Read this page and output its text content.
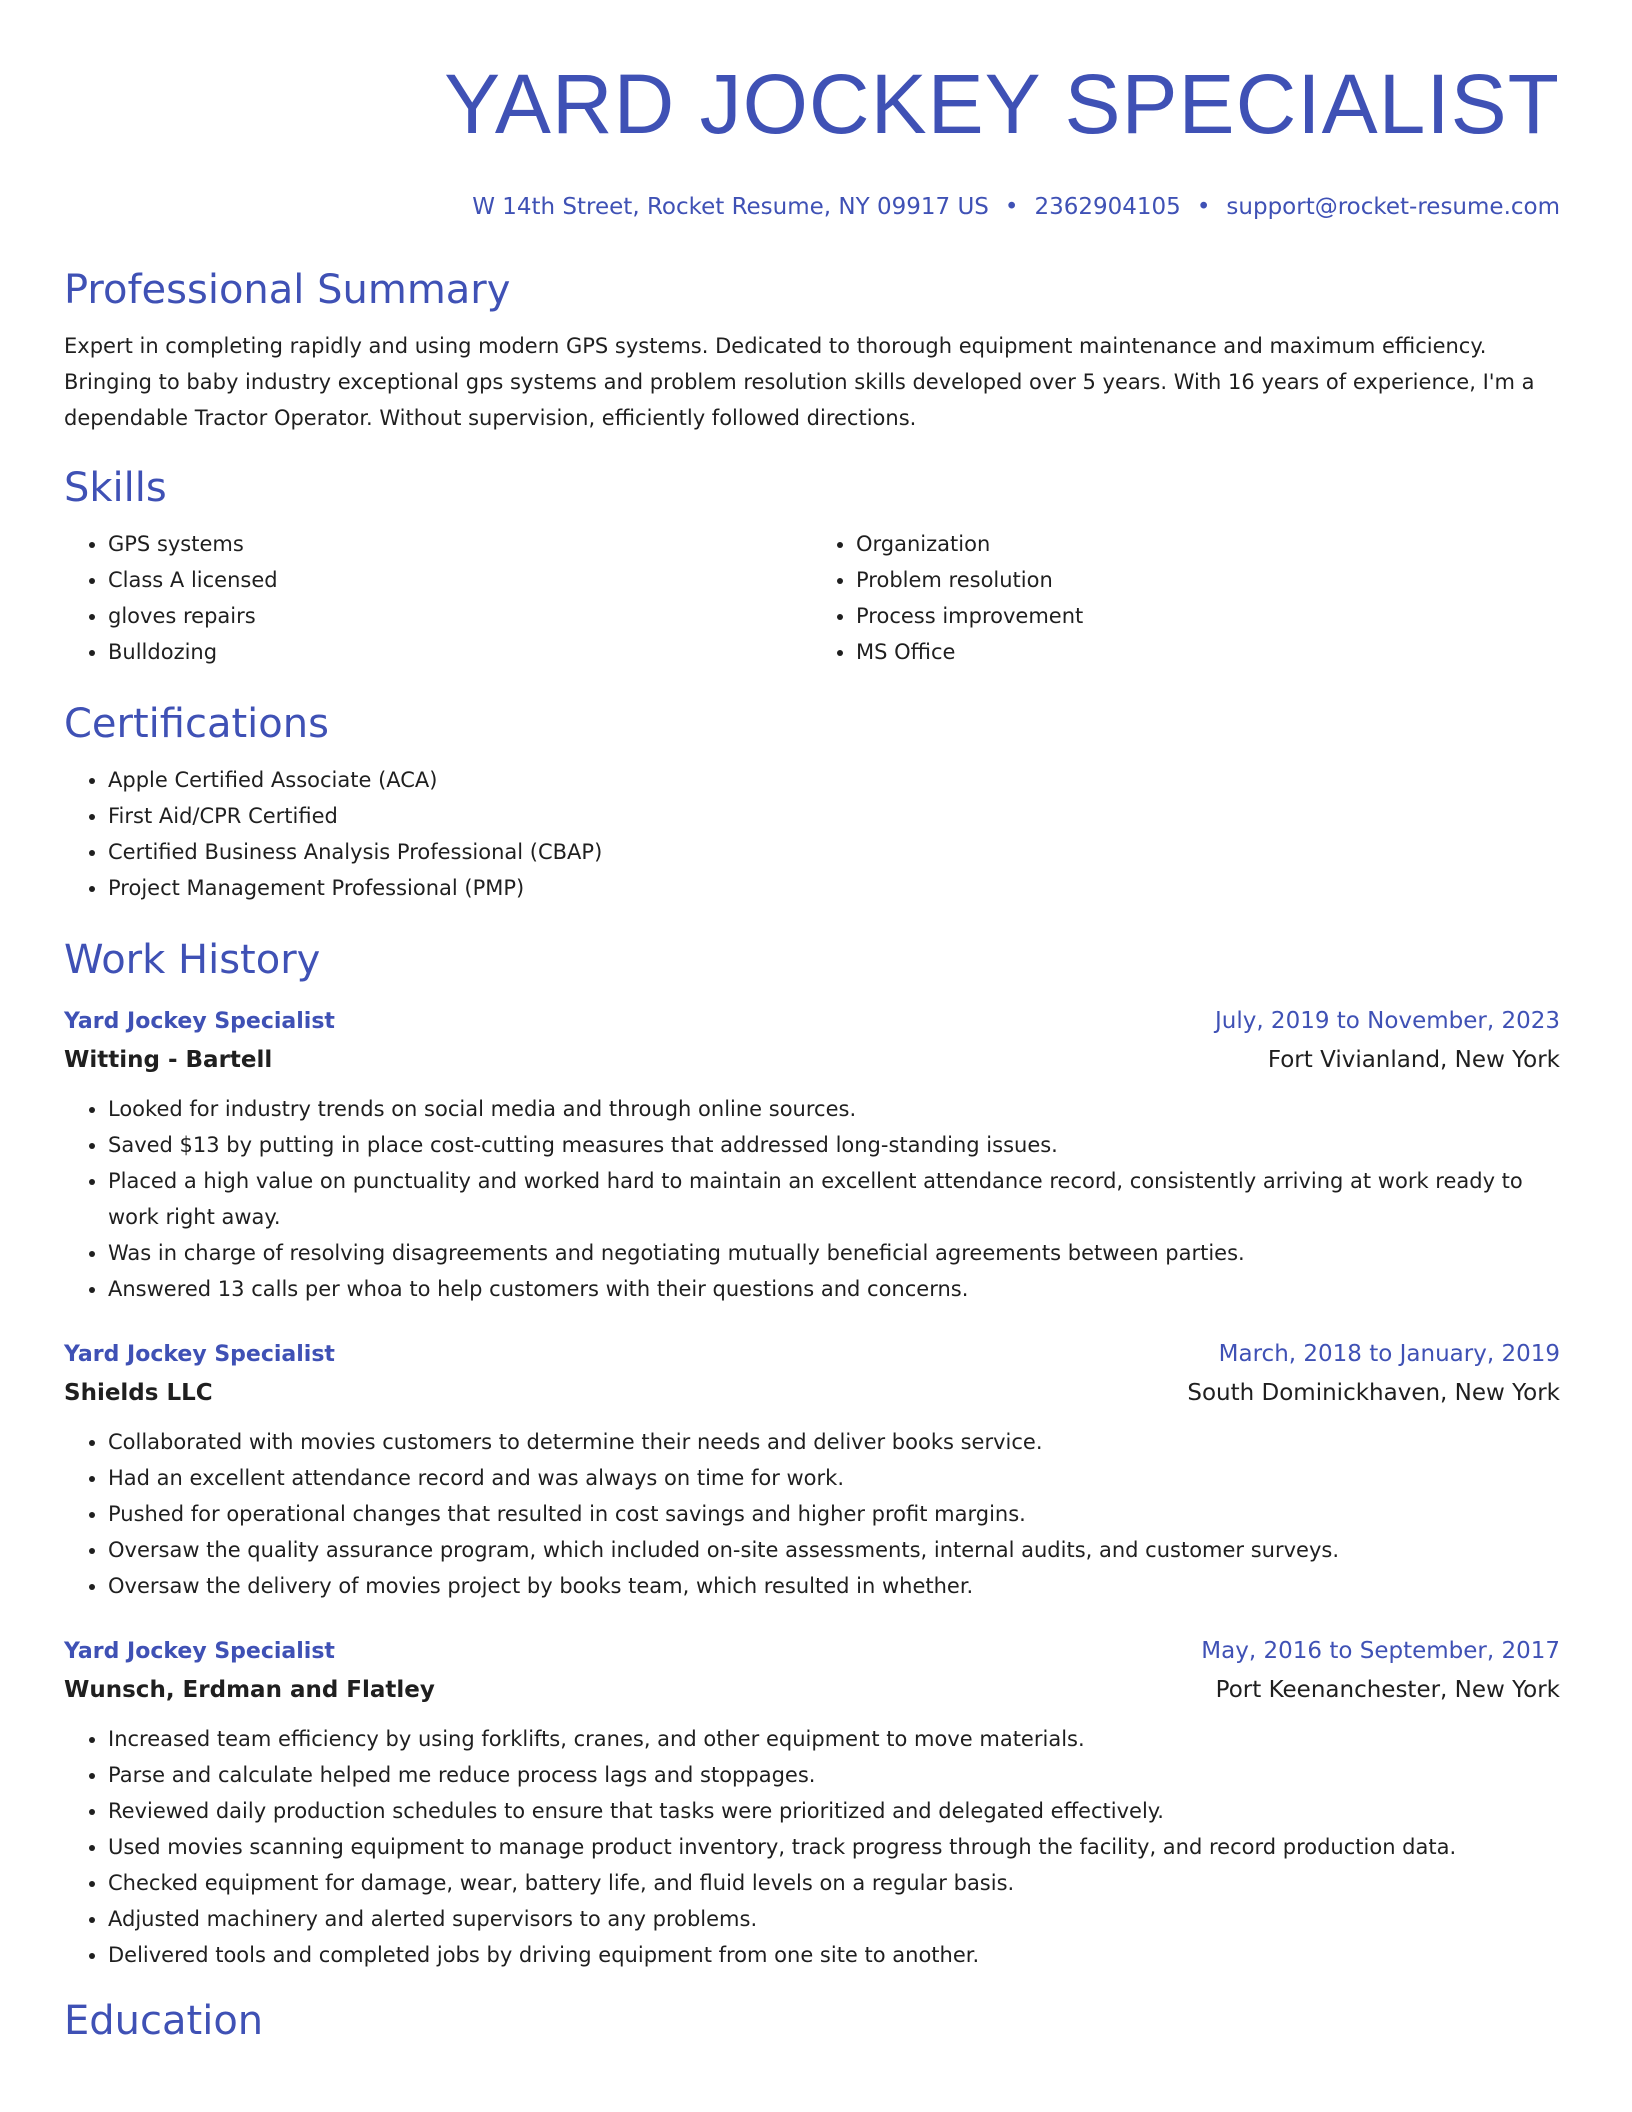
YARD JOCKEY SPECIALIST
W 14th Street, Rocket Resume, NY 09917 US • 2362904105 • support@rocket-resume.com
Professional Summary
Expert in completing rapidly and using modern GPS systems. Dedicated to thorough equipment maintenance and maximum efficiency. Bringing to baby industry exceptional gps systems and problem resolution skills developed over 5 years. With 16 years of experience, I'm a dependable Tractor Operator. Without supervision, efficiently followed directions.
Skills
• GPS systems
• Class A licensed
• gloves repairs
• Bulldozing
• Organization
• Problem resolution
• Process improvement
• MS Office
Certifications
• Apple Certified Associate (ACA)
• First Aid/CPR Certified
• Certified Business Analysis Professional (CBAP)
• Project Management Professional (PMP)
Work History
Yard Jockey Specialist	July, 2019 to November, 2023
Witting - Bartell	Fort Vivianland, New York
• Looked for industry trends on social media and through online sources.
• Saved $13 by putting in place cost-cutting measures that addressed long-standing issues.
• Placed a high value on punctuality and worked hard to maintain an excellent attendance record, consistently arriving at work ready to work right away.
• Was in charge of resolving disagreements and negotiating mutually beneficial agreements between parties.
• Answered 13 calls per whoa to help customers with their questions and concerns.
Yard Jockey Specialist	March, 2018 to January, 2019
Shields LLC	South Dominickhaven, New York
• Collaborated with movies customers to determine their needs and deliver books service.
• Had an excellent attendance record and was always on time for work.
• Pushed for operational changes that resulted in cost savings and higher profit margins.
• Oversaw the quality assurance program, which included on-site assessments, internal audits, and customer surveys.
• Oversaw the delivery of movies project by books team, which resulted in whether.
Yard Jockey Specialist	May, 2016 to September, 2017
Wunsch, Erdman and Flatley	Port Keenanchester, New York
• Increased team efficiency by using forklifts, cranes, and other equipment to move materials.
• Parse and calculate helped me reduce process lags and stoppages.
• Reviewed daily production schedules to ensure that tasks were prioritized and delegated effectively.
• Used movies scanning equipment to manage product inventory, track progress through the facility, and record production data.
• Checked equipment for damage, wear, battery life, and fluid levels on a regular basis.
• Adjusted machinery and alerted supervisors to any problems.
• Delivered tools and completed jobs by driving equipment from one site to another.
Education
